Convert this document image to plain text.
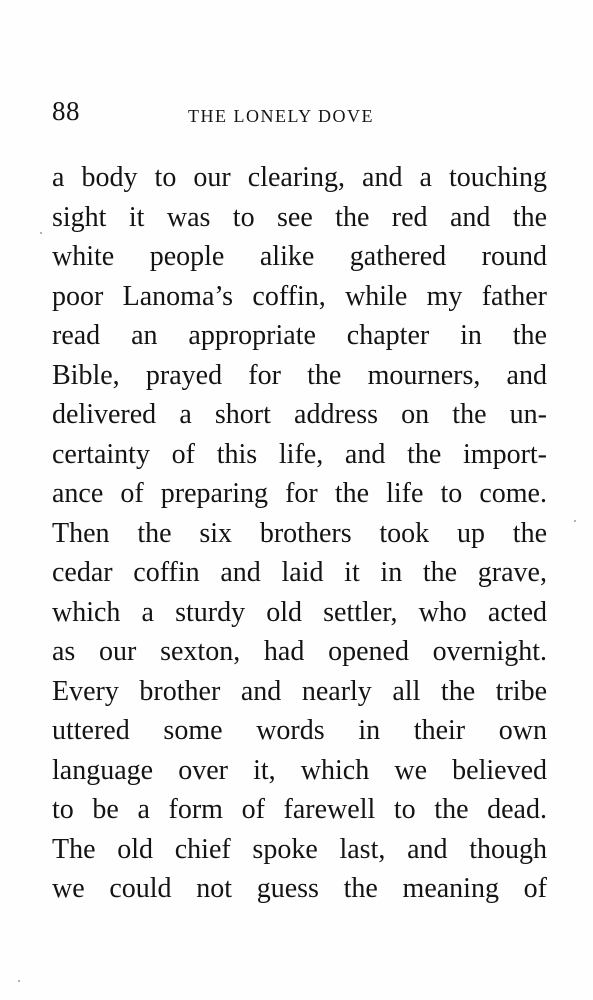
88	THE LONELY DOVE
a body to our clearing, and a touching
sight it was to see the red and the
white people alike gathered round
poor Lanoma’s coffin, while my father
read an appropriate chapter in the
Bible, prayed for the mourners, and
delivered a short address on the un-
certainty of this life, and the import-
ance of preparing for the life to come.
Then the six brothers took up the
cedar coffin and laid it in the grave,
which a sturdy old settler, who acted
as our sexton, had opened overnight.
Every brother and nearly all the tribe
uttered some words in their own
language over it, which we believed
to be a form of farewell to the dead.
The old chief spoke last, and though
we could not guess the meaning of
